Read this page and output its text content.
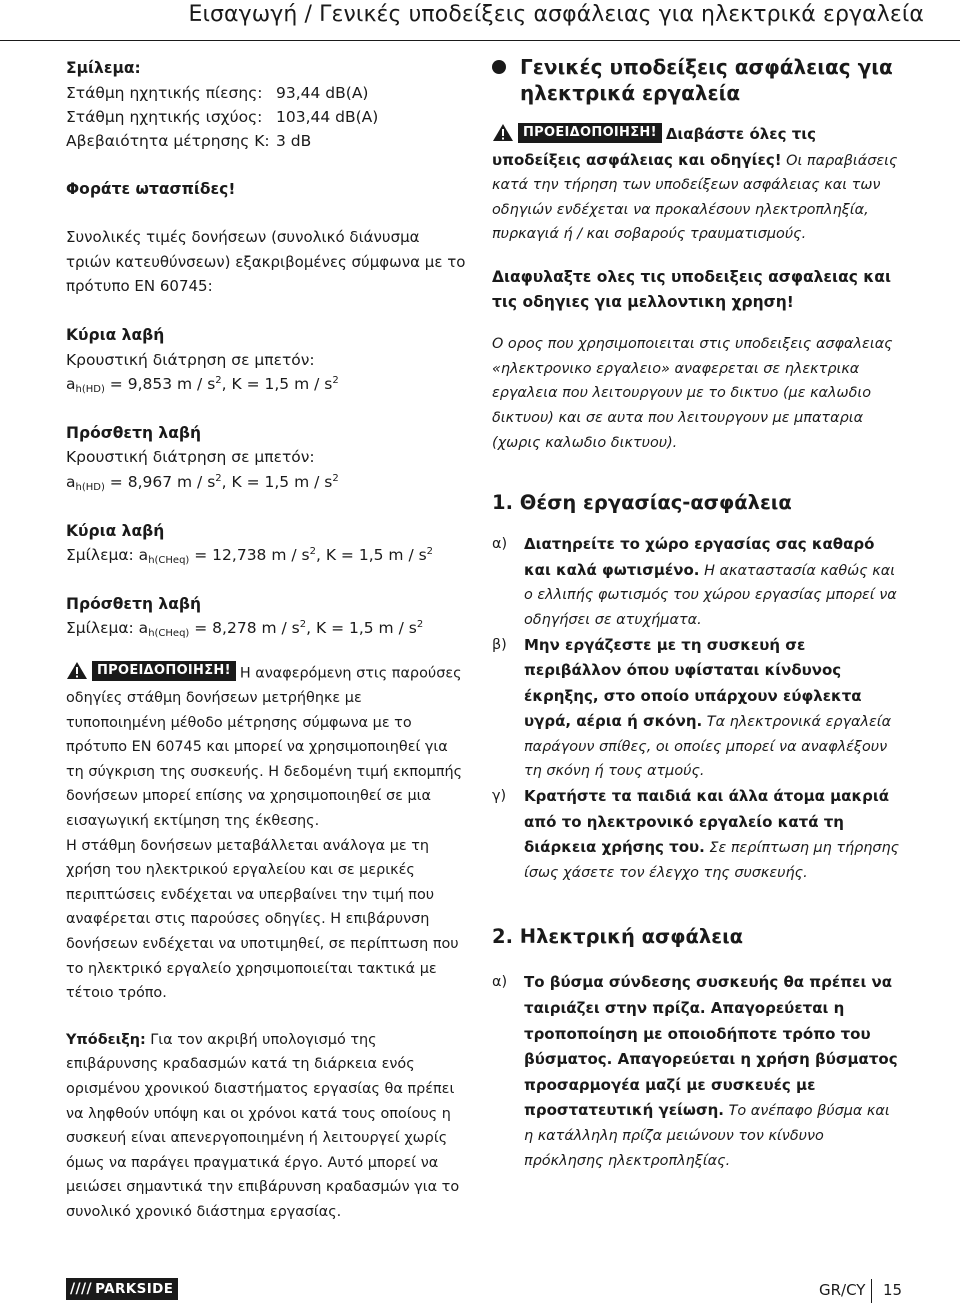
Εισαγωγή / Γενικές υποδείξεις ασφάλειας για ηλεκτρικά εργαλεία
Σμίλεμα:
Στάθμη ηχητικής πίεσης: 93,44 dB(A)
Στάθμη ηχητικής ισχύος: 103,44 dB(A)
Αβεβαιότητα μέτρησης K: 3 dB
Φοράτε ωτασπίδες!

Συνολικές τιμές δονήσεων (συνολικό διάνυσμα τριών κατευθύνσεων) εξακριβομένες σύμφωνα με το πρότυπο EN 60745:

Κύρια λαβή
Κρουστική διάτρηση σε μπετόν:
$a_{h(HD)} = 9,853$ m / $s^2$, K = 1,5 m / $s^2$
Πρόσθετη λαβή
Κρουστική διάτρηση σε μπετόν:
$a_{h(HD)} = 8,967$ m / $s^2$, K = 1,5 m / $s^2$
Κύρια λαβή
Σμίλεμα: $a_{h(CHeq)} = 12,738$ m / $s^2$, K = 1,5 m / $s^2$
Πρόσθετη λαβή
Σμίλεμα: $a_{h(CHeq)} = 8,278$ m / $s^2$, K = 1,5 m / $s^2$

ΠΡΟΕΙΔΟΠΟΙΗΣΗ! Η αναφερόμενη στις παρούσες οδηγίες στάθμη δονήσεων μετρήθηκε με τυποποιημένη μέθοδο μέτρησης σύμφωνα με το πρότυπο EN 60745 και μπορεί να χρησιμοποιηθεί για τη σύγκριση της συσκευής. Η δεδομένη τιμή εκπομπής δονήσεων μπορεί επίσης να χρησιμοποιηθεί σε μια εισαγωγική εκτίμηση της έκθεσης.

Η στάθμη δονήσεων μεταβάλλεται ανάλογα με τη χρήση του ηλεκτρικού εργαλείου και σε μερικές περιπτώσεις ενδέχεται να υπερβαίνει την τιμή που αναφέρεται στις παρούσες οδηγίες. Η επιβάρυνση δονήσεων ενδέχεται να υποτιμηθεί, σε περίπτωση που το ηλεκτρικό εργαλείο χρησιμοποιείται τακτικά με τέτοιο τρόπο.

Υπόδειξη: Για τον ακριβή υπολογισμό της επιβάρυνσης κραδασμών κατά τη διάρκεια ενός ορισμένου χρονικού διαστήματος εργασίας θα πρέπει να ληφθούν υπόψη και οι χρόνοι κατά τους οποίους η συσκευή είναι απενεργοποιημένη ή λειτουργεί χωρίς όμως να παράγει πραγματικά έργο. Αυτό μπορεί να μειώσει σημαντικά την επιβάρυνση κραδασμών για το συνολικό χρονικό διάστημα εργασίας.

Γενικές υποδείξεις ασφάλειας για ηλεκτρικά εργαλεία

ΠΡΟΕΙΔΟΠΟΙΗΣΗ! Διαβάστε όλες τις υποδείξεις ασφάλειας και οδηγίες! Οι παραβιάσεις κατά την τήρηση των υποδείξεων ασφάλειας και των οδηγιών ενδέχεται να προκαλέσουν ηλεκτροπληξία, πυρκαγιά ή / και σοβαρούς τραυματισμούς.

Διαφυλαξτε ολες τις υποδειξεις ασφαλειας και τις οδηγιες για μελλοντικη χρηση!

Ο ορος που χρησιμοποιειται στις υποδειξεις ασφαλειας «ηλεκτρονικο εργαλειο» αναφερεται σε ηλεκτρικα εργαλεια που λειτουργουν με το δικτυο (με καλωδιο δικτυου) και σε αυτα που λειτουργουν με μπαταρια (χωρις καλωδιο δικτυου).

1. Θέση εργασίας-ασφάλεια
α)	Διατηρείτε το χώρο εργασίας σας καθαρό και καλά φωτισμένο. Η ακαταστασία καθώς και ο ελλιπής φωτισμός του χώρου εργασίας μπορεί να οδηγήσει σε ατυχήματα.
β)	Μην εργάζεστε με τη συσκευή σε περιβάλλον όπου υφίσταται κίνδυνος έκρηξης, στο οποίο υπάρχουν εύφλεκτα υγρά, αέρια ή σκόνη. Τα ηλεκτρονικά εργαλεία παράγουν σπίθες, οι οποίες μπορεί να αναφλέξουν τη σκόνη ή τους ατμούς.
γ)	Κρατήστε τα παιδιά και άλλα άτομα μακριά από το ηλεκτρονικό εργαλείο κατά τη διάρκεια χρήσης του. Σε περίπτωση μη τήρησης ίσως χάσετε τον έλεγχο της συσκευής.
2. Ηλεκτρική ασφάλεια
α)	Το βύσμα σύνδεσης συσκευής θα πρέπει να ταιριάζει στην πρίζα. Απαγορεύεται η τροποποίηση με οποιοδήποτε τρόπο του βύσματος. Απαγορεύεται η χρήση βύσματος προσαρμογέα μαζί με συσκευές με προστατευτική γείωση. Το ανέπαφο βύσμα και η κατάλληλη πρίζα μειώνουν τον κίνδυνο πρόκλησης ηλεκτροπληξίας.
//// PARKSIDE	GR/CY 15
